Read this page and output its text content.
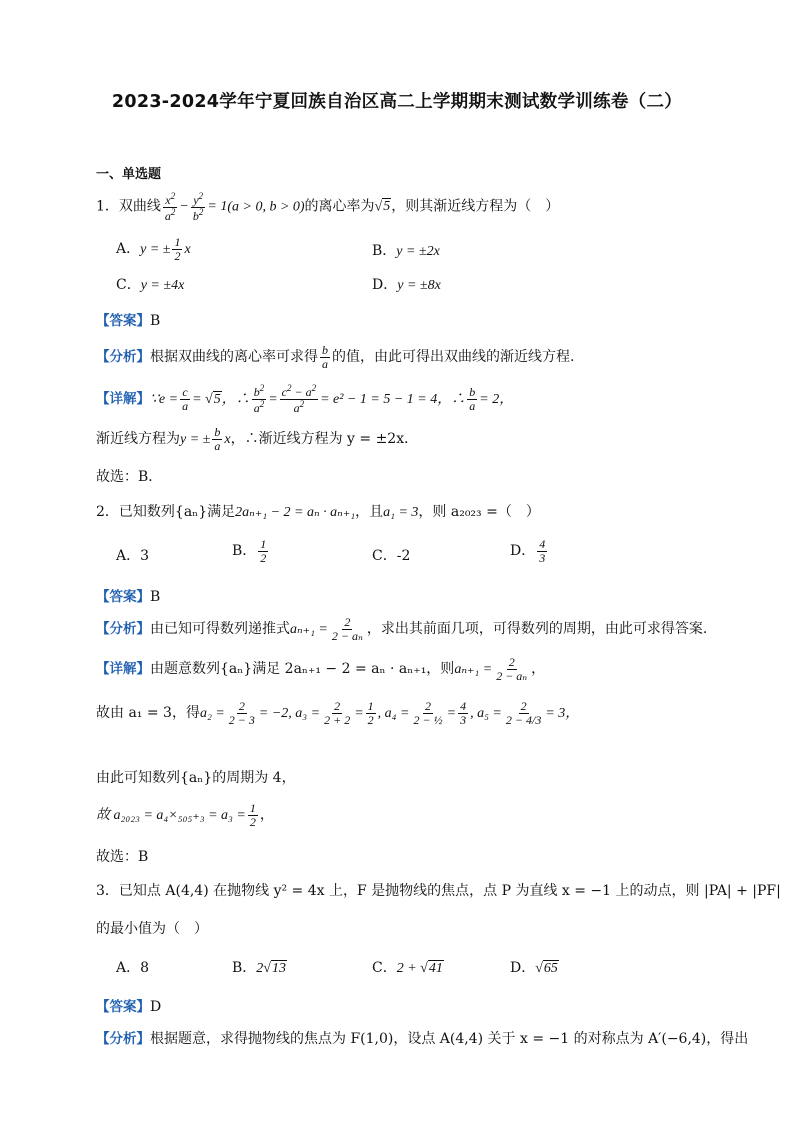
2023-2024学年宁夏回族自治区高二上学期期末测试数学训练卷（二）
一、单选题
1．双曲线 $\frac{x^2}{a^2} - \frac{y^2}{b^2} = 1(a > 0$, b > 0)的离心率为√5，则其渐近线方程为（　）
A．y = ± $\frac{1}{2}$ x	B．y = ±2x
C．y = ±4x	D．y = ±8x
【答案】B
【分析】根据双曲线的离心率可求得 $\frac{b}{a}$ 的值，由此可得出双曲线的渐近线方程.
【详解】∵e = $\frac{c}{a} = √5$，∴ $\frac{b^2}{a^2} = \frac{c^2 - a^2}{a^2} = e^2 - 1 = 5 - 1 = 4$，∴ $\frac{b}{a} = 2$，
渐近线方程为y = ± $\frac{b}{a}$ x，∴渐近线方程为 y = ±2x．
故选：B．
2．已知数列{aₙ}满足2aₙ₊₁ − 2 = aₙ · aₙ₊₁，且a₁ = 3，则 a₂₀₂₃ =（　）
A．3	B． $\frac{1}{2}$	C．-2	D． $\frac{4}{3}$
【答案】B
【分析】由已知可得数列递推式$a_{n+1} = \frac{2}{\text{2 − aₙ}}$ ，求出其前面几项，可得数列的周期，由此可求得答案.
【详解】由题意数列{aₙ}满足 2aₙ₊₁ − 2 = aₙ · aₙ₊₁，则$a_{n+1} = \frac{2}{\text{2 − aₙ}}$ ，
故由 a₁ = 3，得$a_2 = \frac{2}{2 - 3} = -2$, $a_3 = \frac{2}{2 + 2} = \frac{1}{2}$ , $a_4 = \frac{2}{\text{2 − ½}} = \frac{4}{3}$ , $a_5 = \frac{2}{2 - 4/3} = 3$，
由此可知数列{aₙ}的周期为 4，
故 $a_{2023} = a_4\times_{505+3} = a_3 = \frac{1}{2}$ ，
故选：B
3．已知点 A(4,4) 在抛物线 y² = 4x 上，F 是抛物线的焦点，点 P 为直线 x = −1 上的动点，则 |PA| + |PF|
的最小值为（　）
A．8	B．2√13	C．2 + √41	D．√65
【答案】D
【分析】根据题意，求得抛物线的焦点为 F(1,0)，设点 A(4,4) 关于 x = −1 的对称点为 A′(−6,4)，得出
